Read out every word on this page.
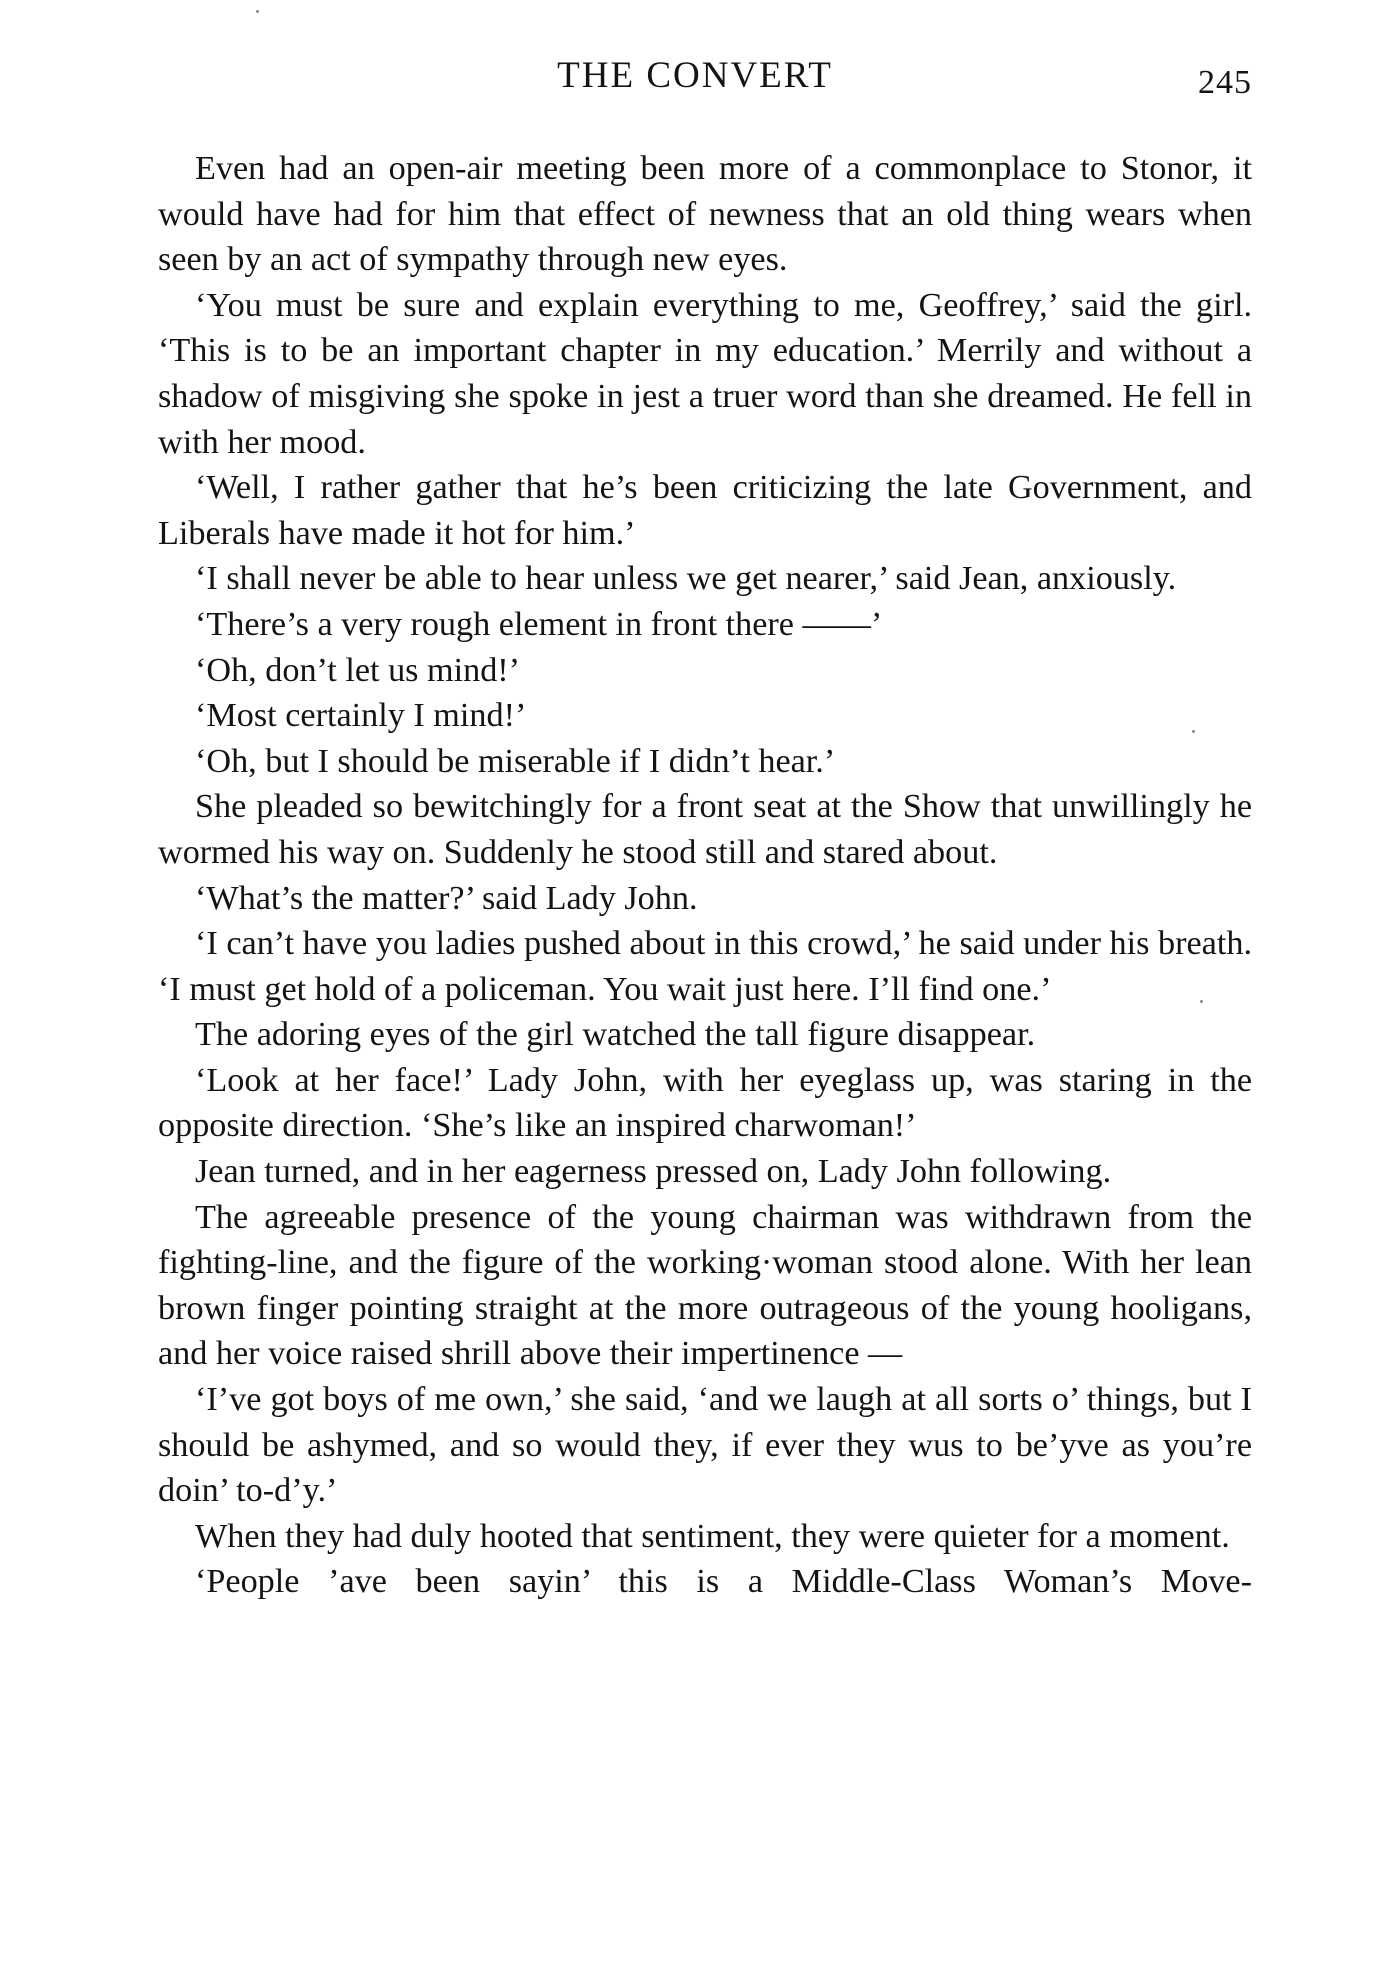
THE CONVERT	245

Even had an open-air meeting been more of a commonplace to Stonor, it would have had for him that effect of newness that an old thing wears when seen by an act of sympathy through new eyes.

‘You must be sure and explain everything to me, Geoffrey,’ said the girl. ‘This is to be an important chapter in my education.’ Merrily and without a shadow of misgiving she spoke in jest a truer word than she dreamed. He fell in with her mood.

‘Well, I rather gather that he’s been criticizing the late Government, and Liberals have made it hot for him.’

‘I shall never be able to hear unless we get nearer,’ said Jean, anxiously.

‘There’s a very rough element in front there ——’

‘Oh, don’t let us mind!’

‘Most certainly I mind!’

‘Oh, but I should be miserable if I didn’t hear.’

She pleaded so bewitchingly for a front seat at the Show that unwillingly he wormed his way on. Suddenly he stood still and stared about.

‘What’s the matter?’ said Lady John.

‘I can’t have you ladies pushed about in this crowd,’ he said under his breath. ‘I must get hold of a policeman. You wait just here. I’ll find one.’

The adoring eyes of the girl watched the tall figure disappear.

‘Look at her face!’ Lady John, with her eyeglass up, was staring in the opposite direction. ‘She’s like an inspired charwoman!’

Jean turned, and in her eagerness pressed on, Lady John following.

The agreeable presence of the young chairman was withdrawn from the fighting-line, and the figure of the working·woman stood alone. With her lean brown finger pointing straight at the more outrageous of the young hooligans, and her voice raised shrill above their impertinence —

‘I’ve got boys of me own,’ she said, ‘and we laugh at all sorts o’ things, but I should be ashymed, and so would they, if ever they wus to be’yve as you’re doin’ to-d’y.’

When they had duly hooted that sentiment, they were quieter for a moment.

‘People ’ave been sayin’ this is a Middle-Class Woman’s Move-
